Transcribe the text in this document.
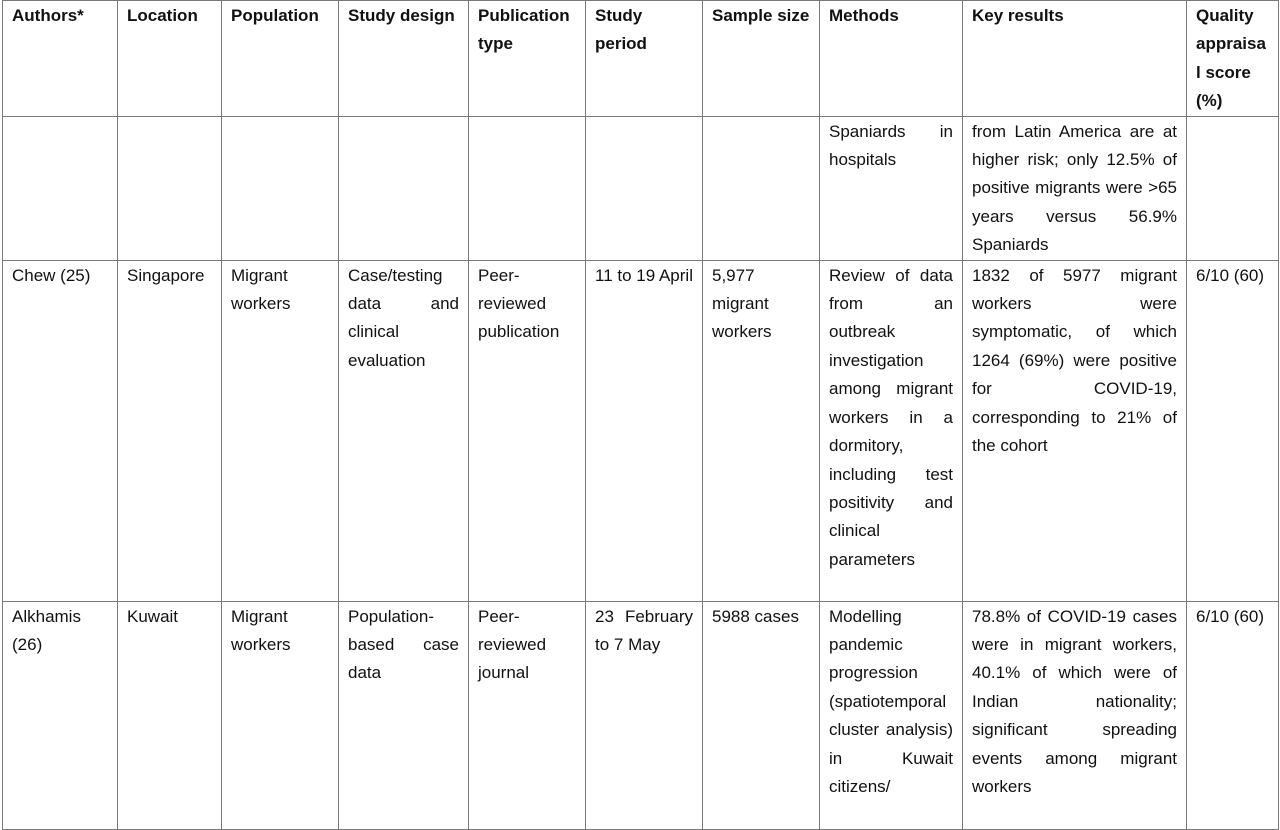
Authors*	Location	Population	Study design	Publication type	Study period	Sample size	Methods	Key results	Quality appraisal score (%)
							Spaniards in hospitals	from Latin America are at higher risk; only 12.5% of positive migrants were >65 years versus 56.9% Spaniards	
Chew (25)	Singapore	Migrant workers	Case/testing data and clinical evaluation	Peer-reviewed publication	11 to 19 April	5,977 migrant workers	Review of data from an outbreak investigation among migrant workers in a dormitory, including test positivity and clinical parameters	1832 of 5977 migrant workers were symptomatic, of which 1264 (69%) were positive for COVID-19, corresponding to 21% of the cohort	6/10 (60)
Alkhamis (26)	Kuwait	Migrant workers	Population-based case data	Peer-reviewed journal	23 February to 7 May	5988 cases	Modelling pandemic progression (spatiotemporal cluster analysis) in Kuwait citizens/	78.8% of COVID-19 cases were in migrant workers, 40.1% of which were of Indian nationality; significant spreading events among migrant workers	6/10 (60)
